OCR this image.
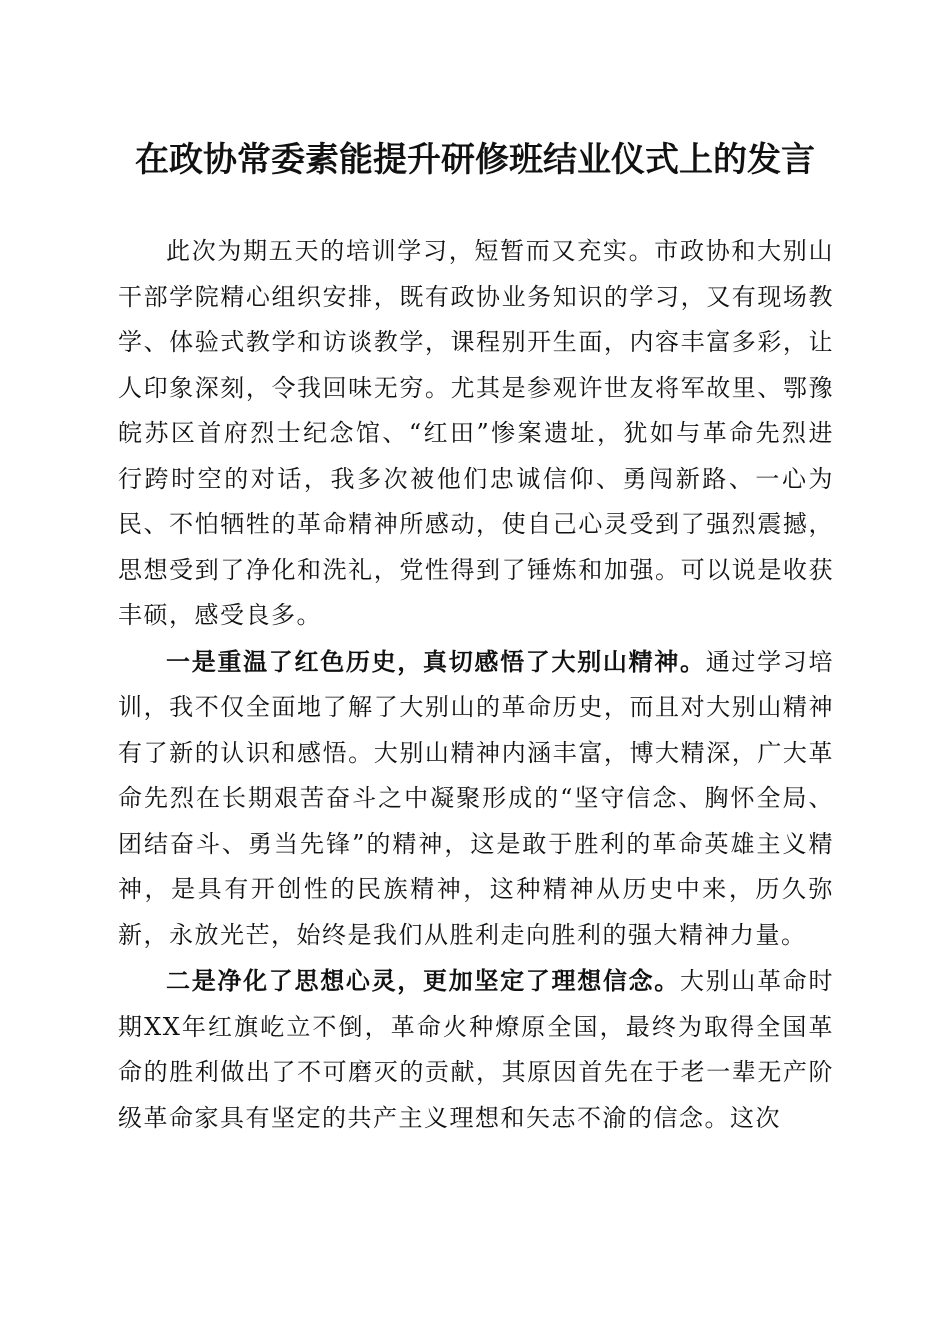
在政协常委素能提升研修班结业仪式上的发言

此次为期五天的培训学习，短暂而又充实。市政协和大别山干部学院精心组织安排，既有政协业务知识的学习，又有现场教学、体验式教学和访谈教学，课程别开生面，内容丰富多彩，让人印象深刻，令我回味无穷。尤其是参观许世友将军故里、鄂豫皖苏区首府烈士纪念馆、“红田”惨案遗址，犹如与革命先烈进行跨时空的对话，我多次被他们忠诚信仰、勇闯新路、一心为民、不怕牺牲的革命精神所感动，使自己心灵受到了强烈震撼，思想受到了净化和洗礼，党性得到了锤炼和加强。可以说是收获丰硕，感受良多。

一是重温了红色历史，真切感悟了大别山精神。通过学习培训，我不仅全面地了解了大别山的革命历史，而且对大别山精神有了新的认识和感悟。大别山精神内涵丰富，博大精深，广大革命先烈在长期艰苦奋斗之中凝聚形成的“坚守信念、胸怀全局、团结奋斗、勇当先锋”的精神，这是敢于胜利的革命英雄主义精神，是具有开创性的民族精神，这种精神从历史中来，历久弥新，永放光芒，始终是我们从胜利走向胜利的强大精神力量。

二是净化了思想心灵，更加坚定了理想信念。大别山革命时期XX年红旗屹立不倒，革命火种燎原全国，最终为取得全国革命的胜利做出了不可磨灭的贡献，其原因首先在于老一辈无产阶级革命家具有坚定的共产主义理想和矢志不渝的信念。这次
